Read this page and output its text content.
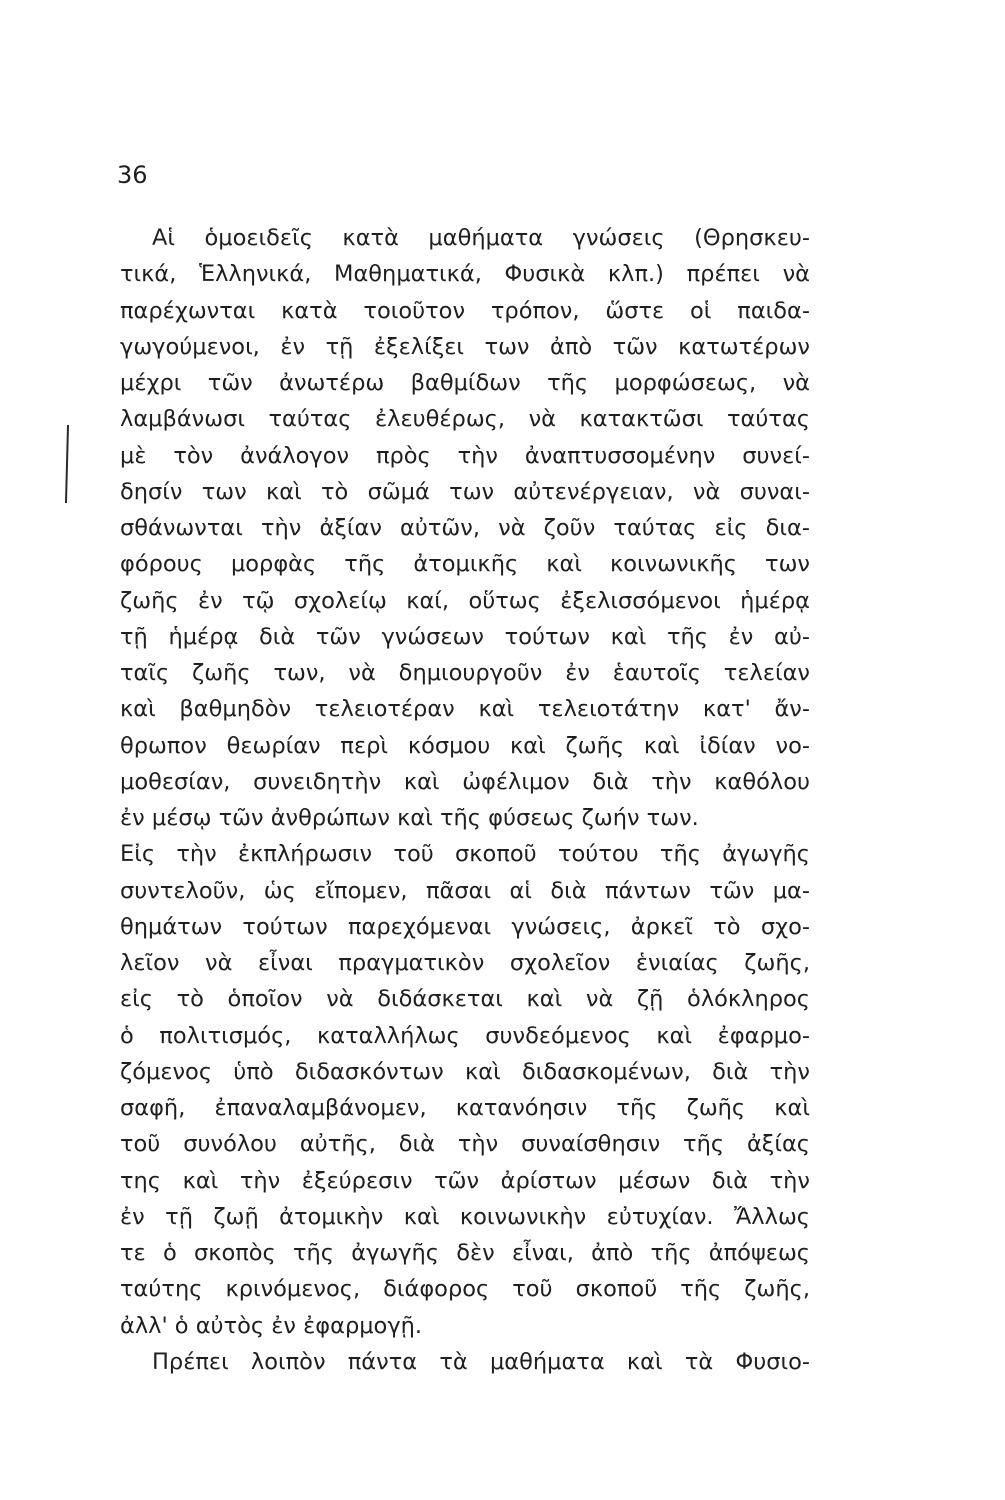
36
Αἱ ὁμοειδεῖς κατὰ μαθήματα γνώσεις (Θρησκευ-
τικά, Ἑλληνικά, Μαθηματικά, Φυσικὰ κλπ.) πρέπει νὰ
παρέχωνται κατὰ τοιοῦτον τρόπον, ὥστε οἱ παιδα-
γωγούμενοι, ἐν τῇ ἐξελίξει των ἀπὸ τῶν κατωτέρων
μέχρι τῶν ἀνωτέρω βαθμίδων τῆς μορφώσεως, νὰ
λαμβάνωσι ταύτας ἐλευθέρως, νὰ κατακτῶσι ταύτας
μὲ τὸν ἀνάλογον πρὸς τὴν ἀναπτυσσομένην συνεί-
δησίν των καὶ τὸ σῶμά των αὐτενέργειαν, νὰ συναι-
σθάνωνται τὴν ἀξίαν αὐτῶν, νὰ ζοῦν ταύτας εἰς δια-
φόρους μορφὰς τῆς ἀτομικῆς καὶ κοινωνικῆς των
ζωῆς ἐν τῷ σχολείῳ καί, οὕτως ἐξελισσόμενοι ἡμέρᾳ
τῇ ἡμέρᾳ διὰ τῶν γνώσεων τούτων καὶ τῆς ἐν αὐ-
ταῖς ζωῆς των, νὰ δημιουργοῦν ἐν ἑαυτοῖς τελείαν
καὶ βαθμηδὸν τελειοτέραν καὶ τελειοτάτην κατ' ἄν-
θρωπον θεωρίαν περὶ κόσμου καὶ ζωῆς καὶ ἰδίαν νο-
μοθεσίαν, συνειδητὴν καὶ ὠφέλιμον διὰ τὴν καθόλου
ἐν μέσῳ τῶν ἀνθρώπων καὶ τῆς φύσεως ζωήν των.
Εἰς τὴν ἐκπλήρωσιν τοῦ σκοποῦ τούτου τῆς ἀγωγῆς
συντελοῦν, ὡς εἴπομεν, πᾶσαι αἱ διὰ πάντων τῶν μα-
θημάτων τούτων παρεχόμεναι γνώσεις, ἀρκεῖ τὸ σχο-
λεῖον νὰ εἶναι πραγματικὸν σχολεῖον ἑνιαίας ζωῆς,
εἰς τὸ ὁποῖον νὰ διδάσκεται καὶ νὰ ζῇ ὁλόκληρος
ὁ πολιτισμός, καταλλήλως συνδεόμενος καὶ ἐφαρμο-
ζόμενος ὑπὸ διδασκόντων καὶ διδασκομένων, διὰ τὴν
σαφῆ, ἐπαναλαμβάνομεν, κατανόησιν τῆς ζωῆς καὶ
τοῦ συνόλου αὐτῆς, διὰ τὴν συναίσθησιν τῆς ἀξίας
της καὶ τὴν ἐξεύρεσιν τῶν ἀρίστων μέσων διὰ τὴν
ἐν τῇ ζωῇ ἀτομικὴν καὶ κοινωνικὴν εὐτυχίαν. Ἄλλως
τε ὁ σκοπὸς τῆς ἀγωγῆς δὲν εἶναι, ἀπὸ τῆς ἀπόψεως
ταύτης κρινόμενος, διάφορος τοῦ σκοποῦ τῆς ζωῆς,
ἀλλ' ὁ αὐτὸς ἐν ἐφαρμογῇ.
Πρέπει λοιπὸν πάντα τὰ μαθήματα καὶ τὰ Φυσιο-
